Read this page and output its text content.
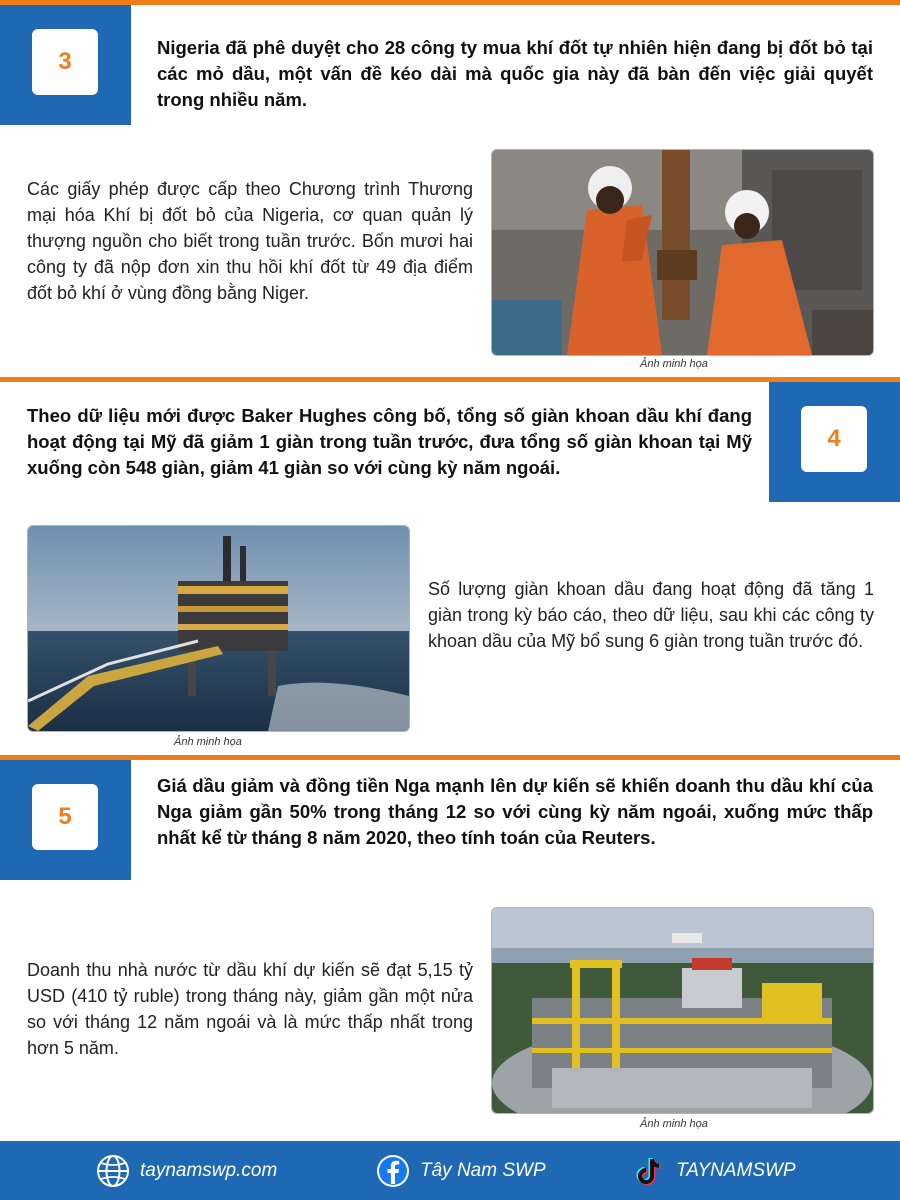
3
Nigeria đã phê duyệt cho 28 công ty mua khí đốt tự nhiên hiện đang bị đốt bỏ tại các mỏ dầu, một vấn đề kéo dài mà quốc gia này đã bàn đến việc giải quyết trong nhiều năm.
Các giấy phép được cấp theo Chương trình Thương mại hóa Khí bị đốt bỏ của Nigeria, cơ quan quản lý thượng nguồn cho biết trong tuần trước. Bốn mươi hai công ty đã nộp đơn xin thu hồi khí đốt từ 49 địa điểm đốt bỏ khí ở vùng đồng bằng Niger.
Ảnh minh họa
4
Theo dữ liệu mới được Baker Hughes công bố, tổng số giàn khoan dầu khí đang hoạt động tại Mỹ đã giảm 1 giàn trong tuần trước, đưa tổng số giàn khoan tại Mỹ xuống còn 548 giàn, giảm 41 giàn so với cùng kỳ năm ngoái.
Ảnh minh họa
Số lượng giàn khoan dầu đang hoạt động đã tăng 1 giàn trong kỳ báo cáo, theo dữ liệu, sau khi các công ty khoan dầu của Mỹ bổ sung 6 giàn trong tuần trước đó.
5
Giá dầu giảm và đồng tiền Nga mạnh lên dự kiến sẽ khiến doanh thu dầu khí của Nga giảm gần 50% trong tháng 12 so với cùng kỳ năm ngoái, xuống mức thấp nhất kể từ tháng 8 năm 2020, theo tính toán của Reuters.
Doanh thu nhà nước từ dầu khí dự kiến sẽ đạt 5,15 tỷ USD (410 tỷ ruble) trong tháng này, giảm gần một nửa so với tháng 12 năm ngoái và là mức thấp nhất trong hơn 5 năm.
Ảnh minh họa
taynamswp.com	Tây Nam SWP	TAYNAMSWP
